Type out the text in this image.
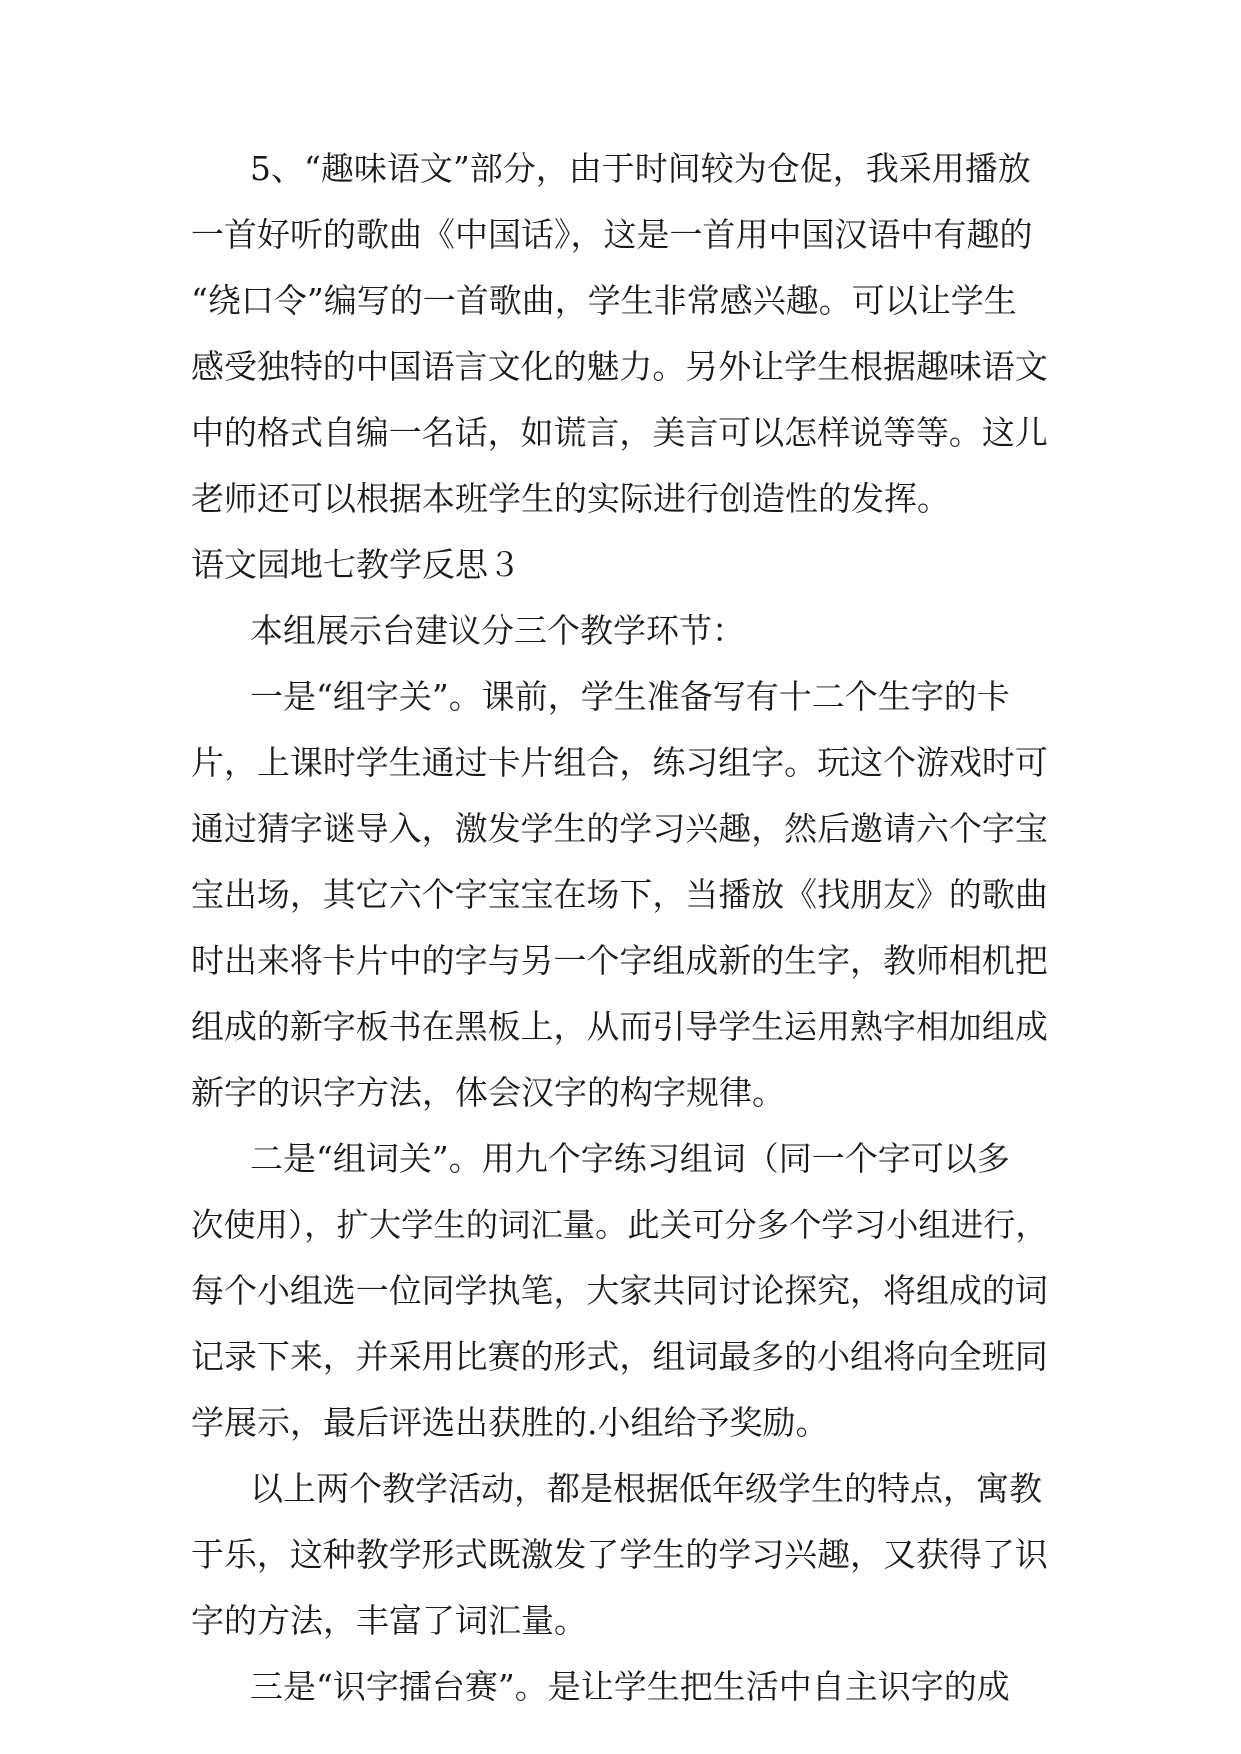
5、“趣味语文”部分，由于时间较为仓促，我采用播放

一首好听的歌曲《中国话》，这是一首用中国汉语中有趣的

“绕口令”编写的一首歌曲，学生非常感兴趣。可以让学生

感受独特的中国语言文化的魅力。另外让学生根据趣味语文

中的格式自编一名话，如谎言，美言可以怎样说等等。这儿

老师还可以根据本班学生的实际进行创造性的发挥。

语文园地七教学反思３

本组展示台建议分三个教学环节：

一是“组字关”。课前，学生准备写有十二个生字的卡

片，上课时学生通过卡片组合，练习组字。玩这个游戏时可

通过猜字谜导入，激发学生的学习兴趣，然后邀请六个字宝

宝出场，其它六个字宝宝在场下，当播放《找朋友》的歌曲

时出来将卡片中的字与另一个字组成新的生字，教师相机把

组成的新字板书在黑板上，从而引导学生运用熟字相加组成

新字的识字方法，体会汉字的构字规律。

二是“组词关”。用九个字练习组词（同一个字可以多

次使用），扩大学生的词汇量。此关可分多个学习小组进行，

每个小组选一位同学执笔，大家共同讨论探究，将组成的词

记录下来，并采用比赛的形式，组词最多的小组将向全班同

学展示，最后评选出获胜的.小组给予奖励。

以上两个教学活动，都是根据低年级学生的特点，寓教

于乐，这种教学形式既激发了学生的学习兴趣，又获得了识

字的方法，丰富了词汇量。

三是“识字擂台赛”。是让学生把生活中自主识字的成
